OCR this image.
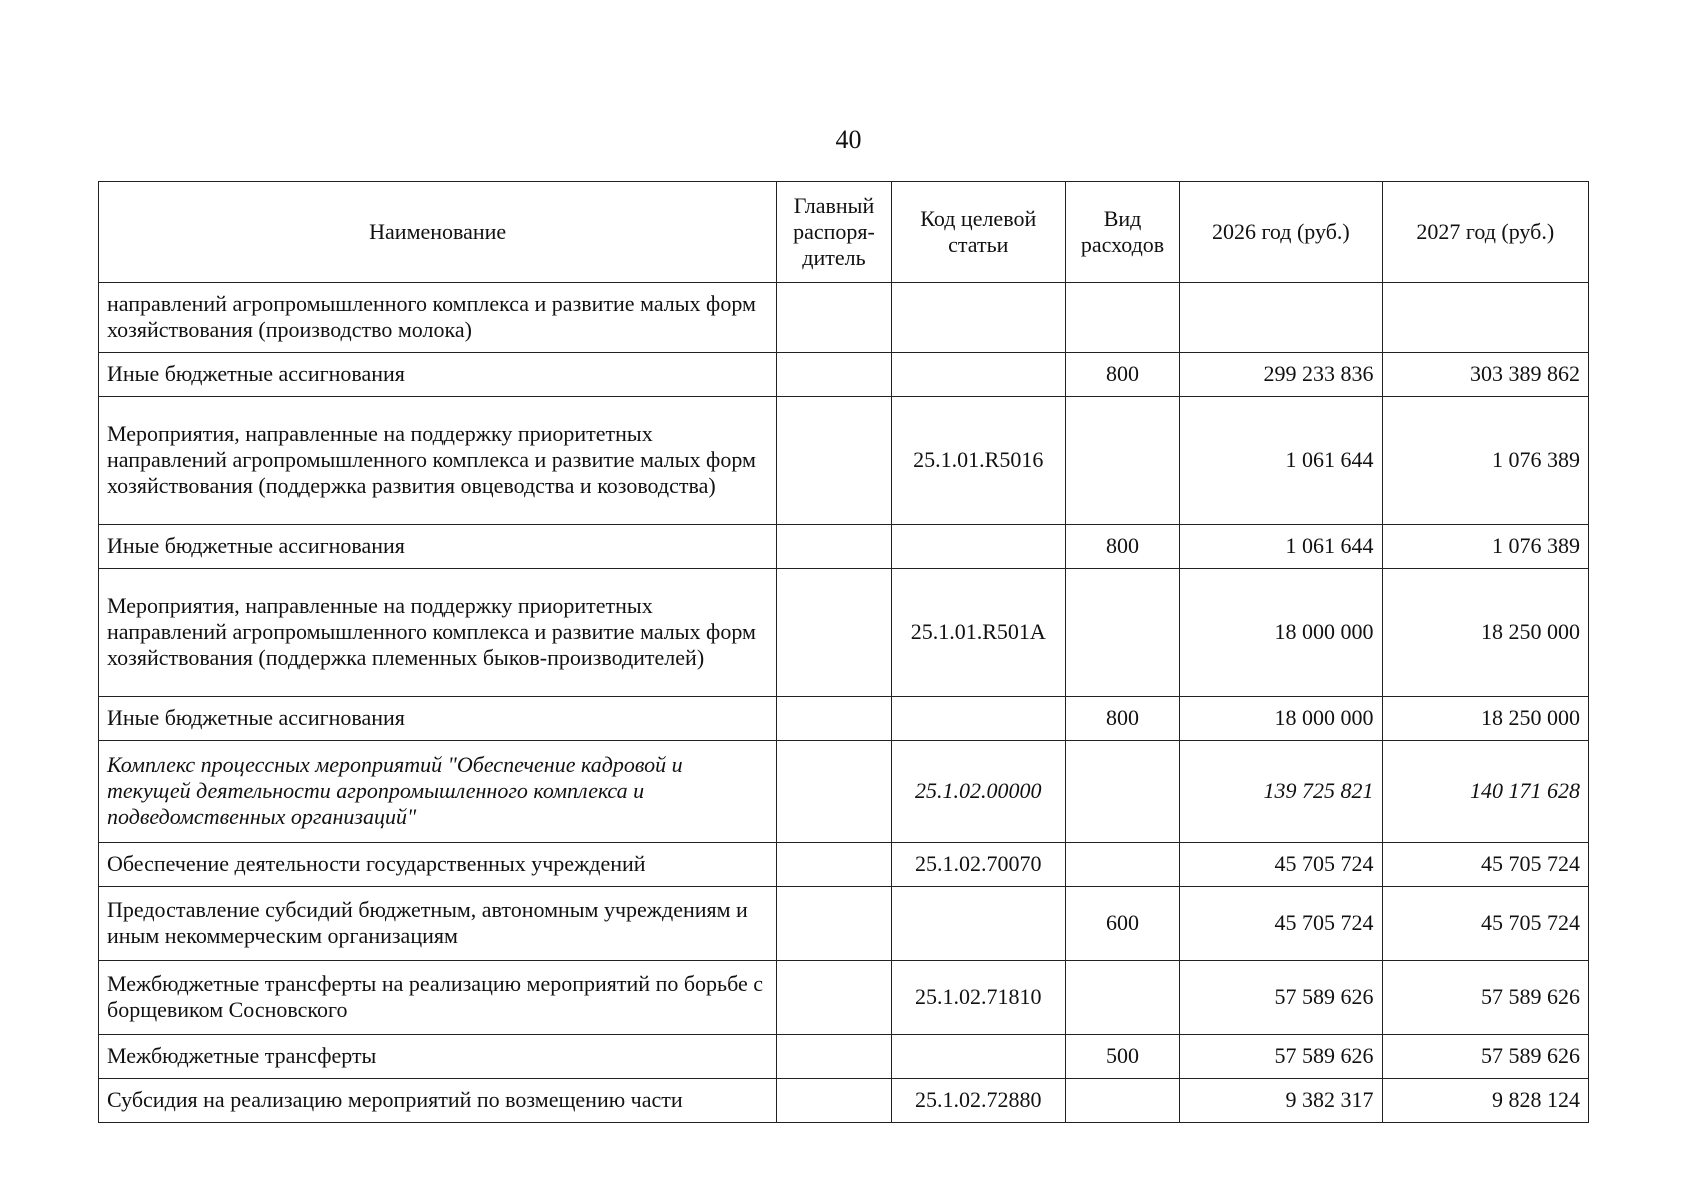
40
Наименование	Главный распоря-дитель	Код целевой статьи	Вид расходов	2026 год (руб.)	2027 год (руб.)
направлений агропромышленного комплекса и развитие малых форм хозяйствования (производство молока)					
Иные бюджетные ассигнования			800	299 233 836	303 389 862
Мероприятия, направленные на поддержку приоритетных направлений агропромышленного комплекса и развитие малых форм хозяйствования (поддержка развития овцеводства и козоводства)		25.1.01.R5016		1 061 644	1 076 389
Иные бюджетные ассигнования			800	1 061 644	1 076 389
Мероприятия, направленные на поддержку приоритетных направлений агропромышленного комплекса и развитие малых форм хозяйствования (поддержка племенных быков-производителей)		25.1.01.R501A		18 000 000	18 250 000
Иные бюджетные ассигнования			800	18 000 000	18 250 000
Комплекс процессных мероприятий "Обеспечение кадровой и текущей деятельности агропромышленного комплекса и подведомственных организаций"		25.1.02.00000		139 725 821	140 171 628
Обеспечение деятельности государственных учреждений		25.1.02.70070		45 705 724	45 705 724
Предоставление субсидий бюджетным, автономным учреждениям и иным некоммерческим организациям			600	45 705 724	45 705 724
Межбюджетные трансферты на реализацию мероприятий по борьбе с борщевиком Сосновского		25.1.02.71810		57 589 626	57 589 626
Межбюджетные трансферты			500	57 589 626	57 589 626
Субсидия на реализацию мероприятий по возмещению части		25.1.02.72880		9 382 317	9 828 124
